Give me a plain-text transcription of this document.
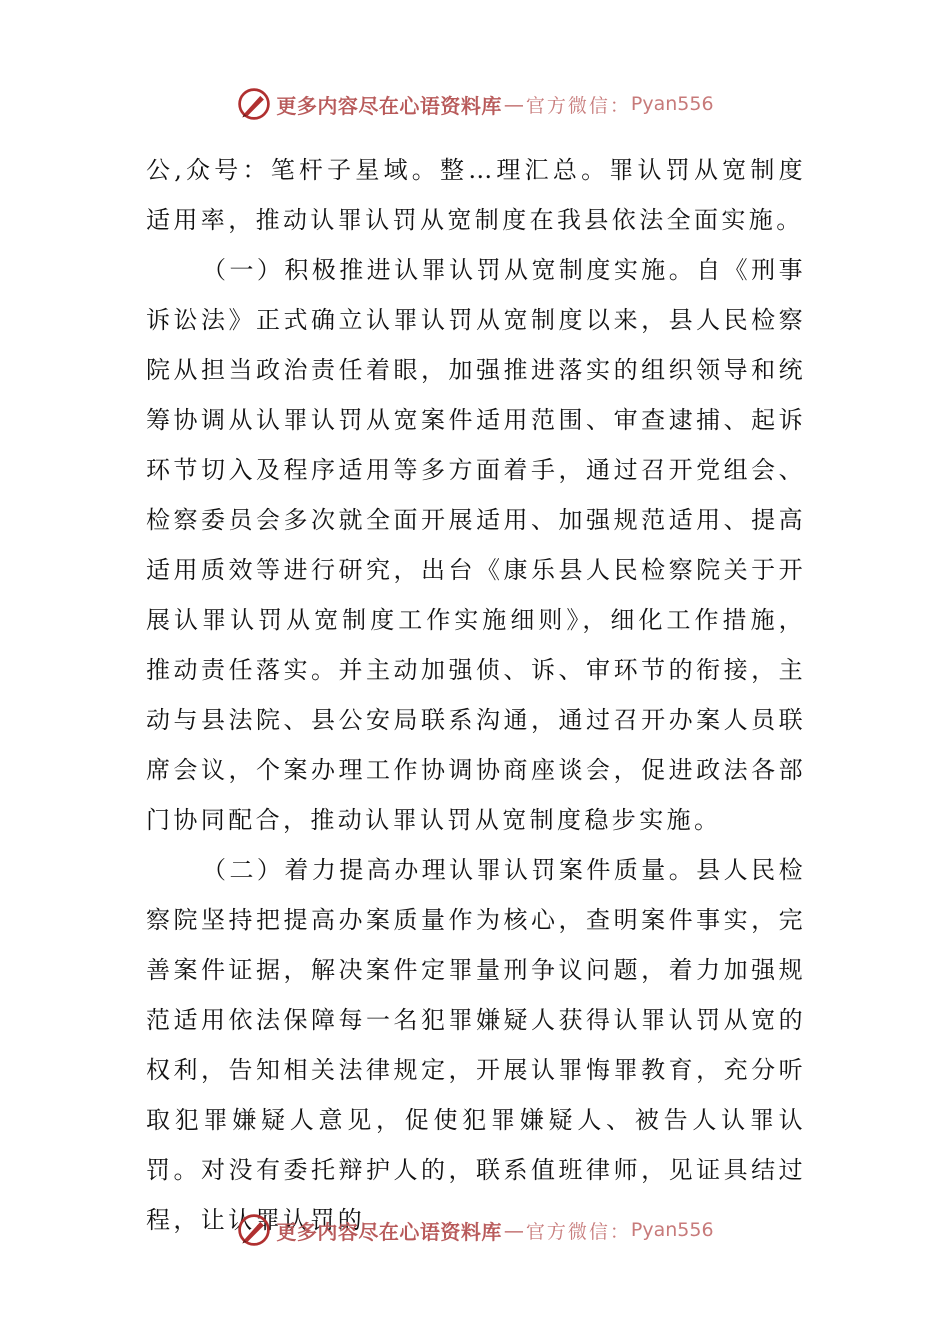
更多内容尽在心语资料库 — 官方微信： Pyan556

公,众号：笔杆子星域。整…理汇总。罪认罚从宽制度适用率，推动认罪认罚从宽制度在我县依法全面实施。

（一）积极推进认罪认罚从宽制度实施。自《刑事诉讼法》正式确立认罪认罚从宽制度以来，县人民检察院从担当政治责任着眼，加强推进落实的组织领导和统筹协调从认罪认罚从宽案件适用范围、审查逮捕、起诉环节切入及程序适用等多方面着手，通过召开党组会、检察委员会多次就全面开展适用、加强规范适用、提高适用质效等进行研究，出台《康乐县人民检察院关于开展认罪认罚从宽制度工作实施细则》，细化工作措施，推动责任落实。并主动加强侦、诉、审环节的衔接，主动与县法院、县公安局联系沟通，通过召开办案人员联席会议，个案办理工作协调协商座谈会，促进政法各部门协同配合，推动认罪认罚从宽制度稳步实施。

（二）着力提高办理认罪认罚案件质量。县人民检察院坚持把提高办案质量作为核心，查明案件事实，完善案件证据，解决案件定罪量刑争议问题，着力加强规范适用依法保障每一名犯罪嫌疑人获得认罪认罚从宽的权利，告知相关法律规定，开展认罪悔罪教育，充分听取犯罪嫌疑人意见，促使犯罪嫌疑人、被告人认罪认罚。对没有委托辩护人的，联系值班律师，见证具结过程，让认罪认罚的

更多内容尽在心语资料库 — 官方微信： Pyan556
